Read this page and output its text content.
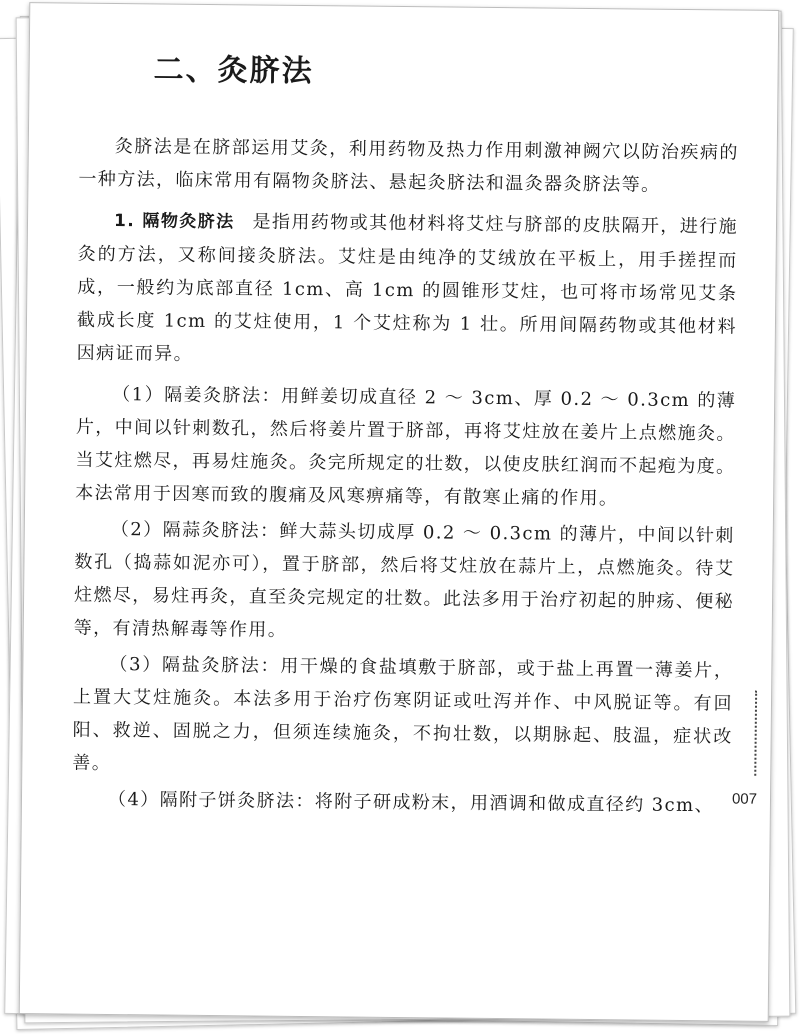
二、灸脐法

灸脐法是在脐部运用艾灸，利用药物及热力作用刺激神阙穴以防治疾病的一种方法，临床常用有隔物灸脐法、悬起灸脐法和温灸器灸脐法等。

1. 隔物灸脐法 是指用药物或其他材料将艾炷与脐部的皮肤隔开，进行施灸的方法，又称间接灸脐法。艾炷是由纯净的艾绒放在平板上，用手搓捏而成，一般约为底部直径 1cm、高 1cm 的圆锥形艾炷，也可将市场常见艾条截成长度 1cm 的艾炷使用，1 个艾炷称为 1 壮。所用间隔药物或其他材料因病证而异。

（1）隔姜灸脐法：用鲜姜切成直径 2 ～ 3cm、厚 0.2 ～ 0.3cm 的薄片，中间以针刺数孔，然后将姜片置于脐部，再将艾炷放在姜片上点燃施灸。当艾炷燃尽，再易炷施灸。灸完所规定的壮数，以使皮肤红润而不起疱为度。本法常用于因寒而致的腹痛及风寒痹痛等，有散寒止痛的作用。

（2）隔蒜灸脐法：鲜大蒜头切成厚 0.2 ～ 0.3cm 的薄片，中间以针刺数孔（捣蒜如泥亦可），置于脐部，然后将艾炷放在蒜片上，点燃施灸。待艾炷燃尽，易炷再灸，直至灸完规定的壮数。此法多用于治疗初起的肿疡、便秘等，有清热解毒等作用。

（3）隔盐灸脐法：用干燥的食盐填敷于脐部，或于盐上再置一薄姜片，上置大艾炷施灸。本法多用于治疗伤寒阴证或吐泻并作、中风脱证等。有回阳、救逆、固脱之力，但须连续施灸，不拘壮数，以期脉起、肢温，症状改善。

（4）隔附子饼灸脐法：将附子研成粉末，用酒调和做成直径约 3cm、	007
